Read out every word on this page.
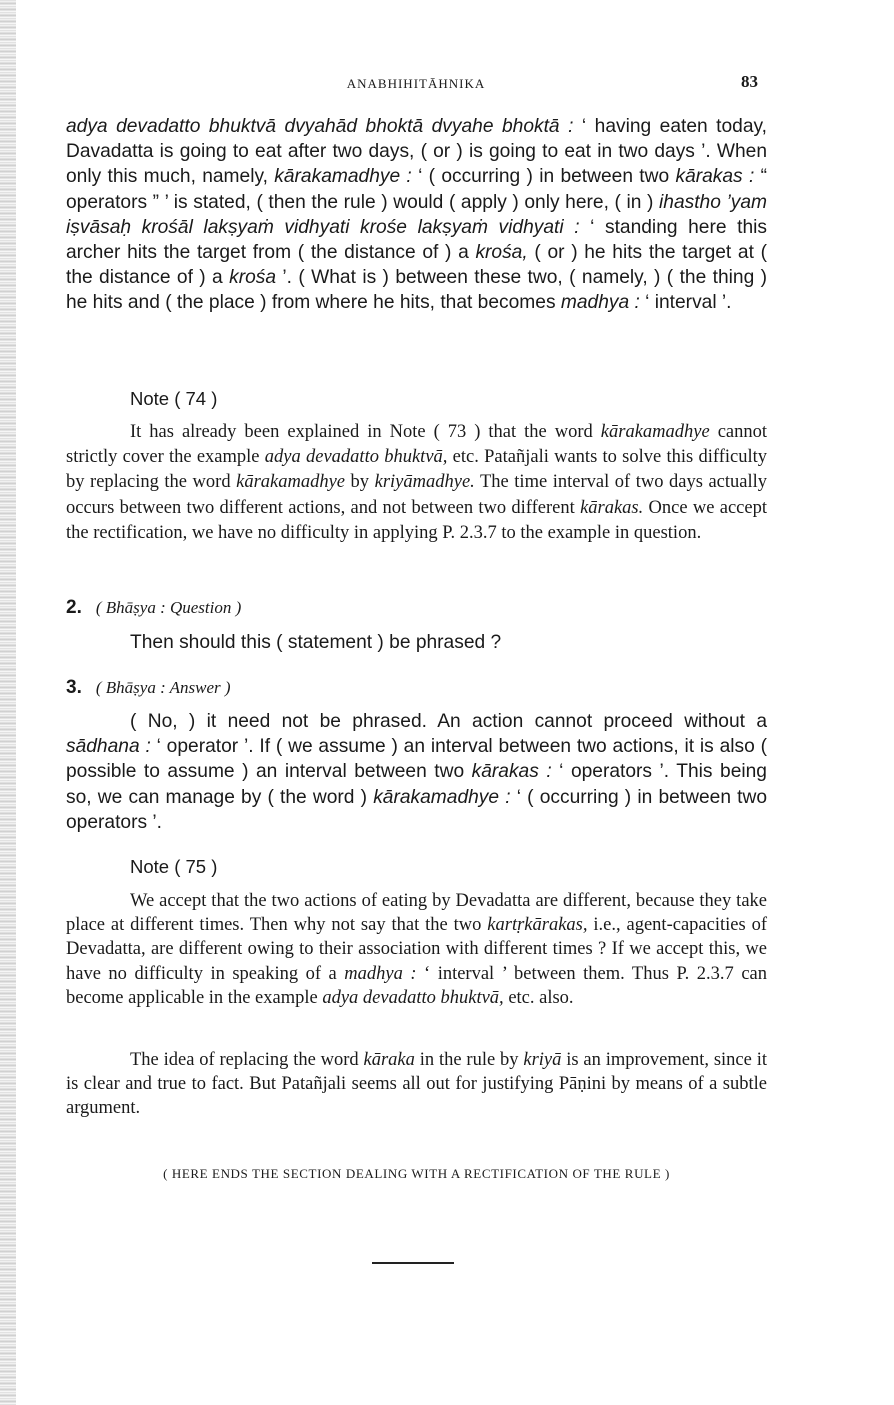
ANABHIHITĀHNIKA	83

adya devadatto bhuktvā dvyahād bhoktā dvyahe bhoktā : ‘ having eaten today, Davadatta is going to eat after two days, ( or ) is going to eat in two days ’. When only this much, namely, kārakamadhye : ‘ ( occurring ) in between two kārakas : “ operators ” ’ is stated, ( then the rule ) would ( apply ) only here, ( in ) ihastho ’yam iṣvāsaḥ krośāl lakṣyaṁ vidhyati krośe lakṣyaṁ vidhyati : ‘ standing here this archer hits the target from ( the distance of ) a krośa, ( or ) he hits the target at ( the distance of ) a krośa ’. ( What is ) between these two, ( namely, ) ( the thing ) he hits and ( the place ) from where he hits, that becomes madhya : ‘ interval ’.

Note ( 74 )

It has already been explained in Note ( 73 ) that the word kārakamadhye cannot strictly cover the example adya devadatto bhuktvā, etc. Patañjali wants to solve this difficulty by replacing the word kārakamadhye by kriyāmadhye. The time interval of two days actually occurs between two different actions, and not between two different kārakas. Once we accept the rectification, we have no difficulty in applying P. 2.3.7 to the example in question.

2. ( Bhāṣya : Question )

Then should this ( statement ) be phrased ?

3. ( Bhāṣya : Answer )

( No, ) it need not be phrased. An action cannot proceed without a sādhana : ‘ operator ’. If ( we assume ) an interval between two actions, it is also ( possible to assume ) an interval between two kārakas : ‘ operators ’. This being so, we can manage by ( the word ) kārakamadhye : ‘ ( occurring ) in between two operators ’.

Note ( 75 )

We accept that the two actions of eating by Devadatta are different, because they take place at different times. Then why not say that the two kartṛkārakas, i.e., agent-capacities of Devadatta, are different owing to their association with different times ? If we accept this, we have no difficulty in speaking of a madhya : ‘ interval ’ between them. Thus P. 2.3.7 can become applicable in the example adya devadatto bhuktvā, etc. also.

The idea of replacing the word kāraka in the rule by kriyā is an improvement, since it is clear and true to fact. But Patañjali seems all out for justifying Pāṇini by means of a subtle argument.

( HERE ENDS THE SECTION DEALING WITH A RECTIFICATION OF THE RULE )
